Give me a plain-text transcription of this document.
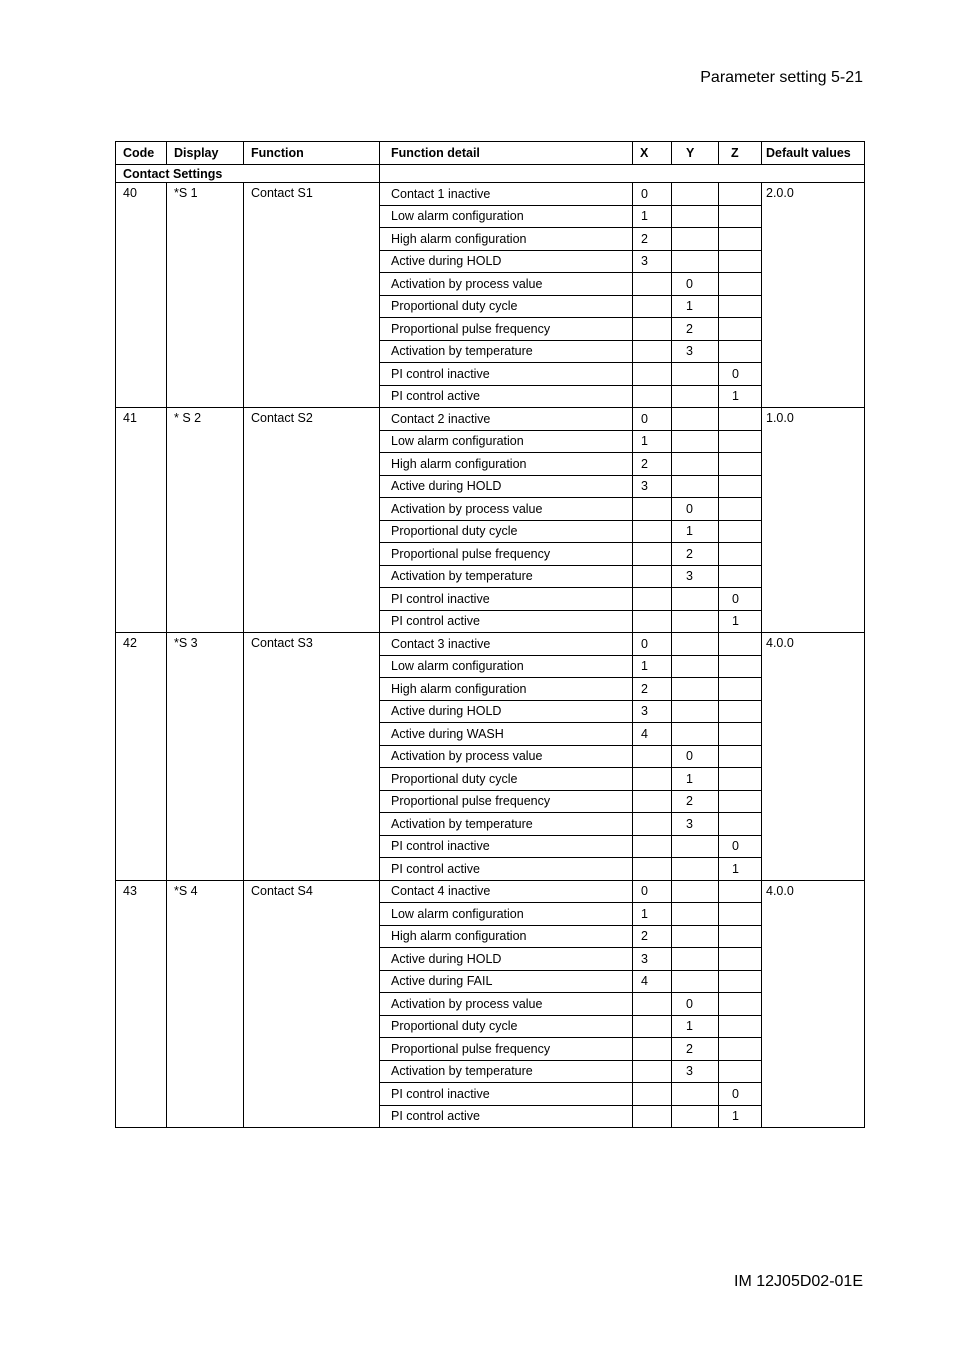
Parameter setting 5-21
Code	Display	Function	Function detail	X	Y	Z	Default values
Contact Settings							
40	*S 1	Contact S1	Contact 1 inactive	0			2.0.0
			Low alarm configuration	1			
			High alarm configuration	2			
			Active during HOLD	3			
			Activation by process value		0		
			Proportional duty cycle		1		
			Proportional pulse frequency		2		
			Activation by temperature		3		
			PI control inactive			0	
			PI control active			1	
41	* S 2	Contact S2	Contact 2 inactive	0			1.0.0
			Low alarm configuration	1			
			High alarm configuration	2			
			Active during HOLD	3			
			Activation by process value		0		
			Proportional duty cycle		1		
			Proportional pulse frequency		2		
			Activation by temperature		3		
			PI control inactive			0	
			PI control active			1	
42	*S 3	Contact S3	Contact 3 inactive	0			4.0.0
			Low alarm configuration	1			
			High alarm configuration	2			
			Active during HOLD	3			
			Active during WASH	4			
			Activation by process value		0		
			Proportional duty cycle		1		
			Proportional pulse frequency		2		
			Activation by temperature		3		
			PI control inactive			0	
			PI control active			1	
43	*S 4	Contact S4	Contact 4 inactive	0			4.0.0
			Low alarm configuration	1			
			High alarm configuration	2			
			Active during HOLD	3			
			Active during FAIL	4			
			Activation by process value		0		
			Proportional duty cycle		1		
			Proportional pulse frequency		2		
			Activation by temperature		3		
			PI control inactive			0	
			PI control active			1	
IM 12J05D02-01E
